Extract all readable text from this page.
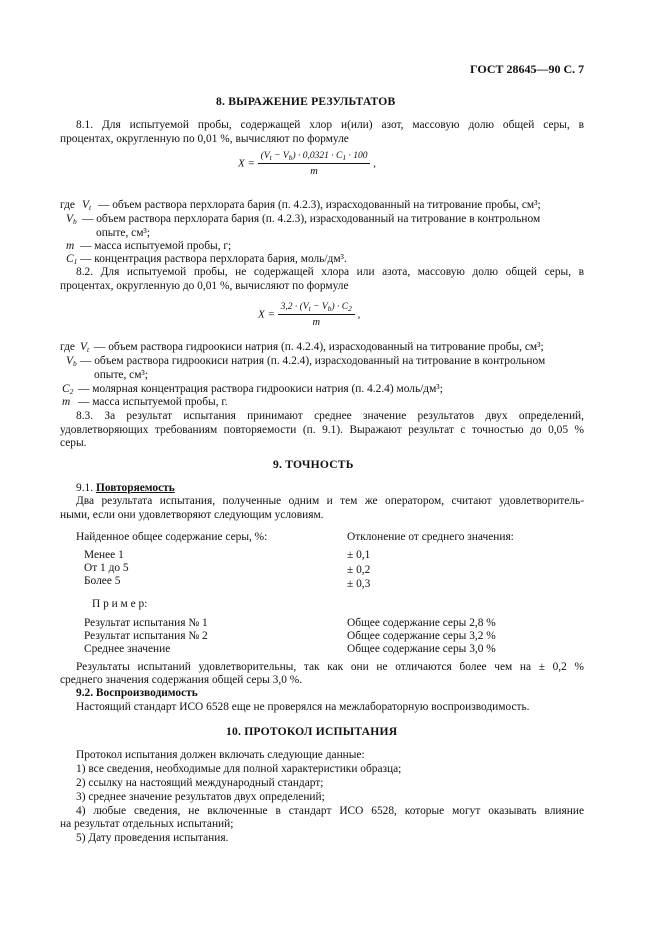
ГОСТ 28645—90 С. 7
8. ВЫРАЖЕНИЕ РЕЗУЛЬТАТОВ
8.1. Для испытуемой пробы, содержащей хлор и(или) азот, массовую долю общей серы, в
процентах, округленную по 0,01 %, вычисляют по формуле
$X = \frac{(V_t - V_b) \cdot 0,0321 \cdot C_1 \cdot 100}{m}$ ,
где $V_t$ — объем раствора перхлората бария (п. 4.2.3), израсходованный на титрование пробы, см³;
$V_b$ — объем раствора перхлората бария (п. 4.2.3), израсходованный на титрование в контрольном
опыте, см³;
m — масса испытуемой пробы, г;
$C_1$ — концентрация раствора перхлората бария, моль/дм³.
8.2. Для испытуемой пробы, не содержащей хлора или азота, массовую долю общей серы, в
процентах, округленную до 0,01 %, вычисляют по формуле
$X = \frac{3,2 \cdot (V_t - V_b) \cdot C_2}{m}$ ,
где $V_t$ — объем раствора гидроокиси натрия (п. 4.2.4), израсходованный на титрование пробы, см³;
$V_b$ — объем раствора гидроокиси натрия (п. 4.2.4), израсходованный на титрование в контрольном
опыте, см³;
$C_2$ — молярная концентрация раствора гидроокиси натрия (п. 4.2.4) моль/дм³;
m — масса испытуемой пробы, г.
8.3. За результат испытания принимают среднее значение результатов двух определений,
удовлетворяющих требованиям повторяемости (п. 9.1). Выражают результат с точностью до 0,05 %
серы.
9. ТОЧНОСТЬ
9.1. Повторяемость
Два результата испытания, полученные одним и тем же оператором, считают удовлетворитель-
ными, если они удовлетворяют следующим условиям.
Найденное общее содержание серы, %:	Отклонение от среднего значения:
Менее 1	± 0,1
От 1 до 5	± 0,2
Более 5	± 0,3
П р и м е р:
Результат испытания № 1	Общее содержание серы 2,8 %
Результат испытания № 2	Общее содержание серы 3,2 %
Среднее значение	Общее содержание серы 3,0 %
Результаты испытаний удовлетворительны, так как они не отличаются более чем на ± 0,2 %
среднего значения содержания общей серы 3,0 %.
9.2. Воспроизводимость
Настоящий стандарт ИСО 6528 еще не проверялся на межлабораторную воспроизводимость.
10. ПРОТОКОЛ ИСПЫТАНИЯ
Протокол испытания должен включать следующие данные:
1) все сведения, необходимые для полной характеристики образца;
2) ссылку на настоящий международный стандарт;
3) среднее значение результатов двух определений;
4) любые сведения, не включенные в стандарт ИСО 6528, которые могут оказывать влияние
на результат отдельных испытаний;
5) Дату проведения испытания.
